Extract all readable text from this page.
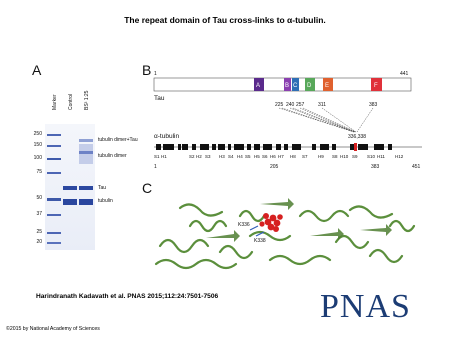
The repeat domain of Tau cross-links to α-tubulin.
A	B
C
Marker Control BS³ 1:25
250
150
100
75
50
37
25
20
tubulin dimer+Tau
tubulin dimer
Tau
tubulin
1	441
A	B C D E	F
Tau
225 240 257	311	383
336,338
α-tubulin
S1 H1	S2 H2 S3 H3 S4 H4 S5 H5 S6 H6 H7 H8 S7 H9 S8 H10 S9 S10 H11 H12
1	205	383	451
K336
K338
Harindranath Kadavath et al. PNAS 2015;112:24:7501-7506
©2015 by National Academy of Sciences
PNAS
